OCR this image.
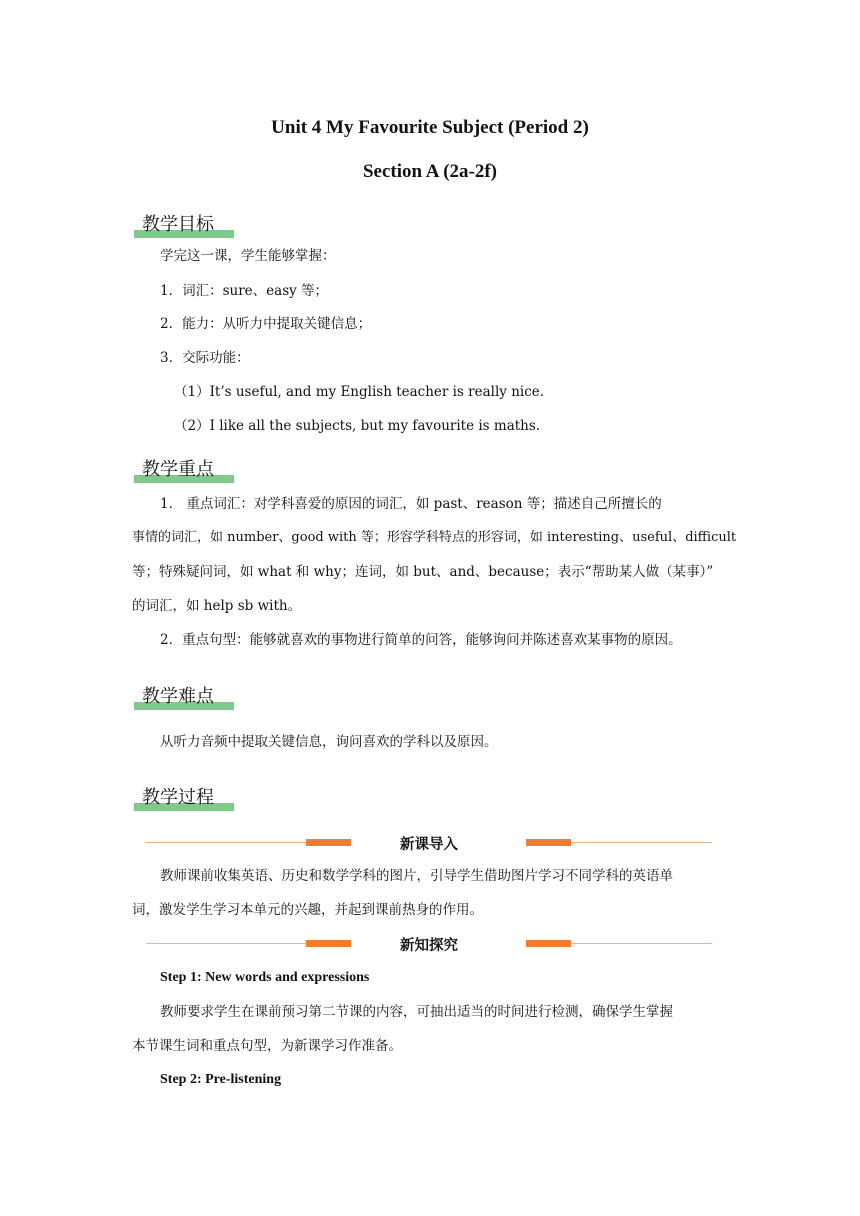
Unit 4 My Favourite Subject (Period 2)
Section A (2a-2f)
教学目标
学完这一课，学生能够掌握：
1．词汇：sure、easy 等；
2．能力：从听力中提取关键信息；
3．交际功能：
（1）It’s useful, and my English teacher is really nice.
（2）I like all the subjects, but my favourite is maths.
教学重点
1． 重点词汇：对学科喜爱的原因的词汇，如 past、reason 等；描述自己所擅长的
事情的词汇，如 number、good with 等；形容学科特点的形容词，如 interesting、useful、difficult
等；特殊疑问词，如 what 和 why；连词，如 but、and、because；表示“帮助某人做（某事）”
的词汇，如 help sb with。
2．重点句型：能够就喜欢的事物进行简单的问答，能够询问并陈述喜欢某事物的原因。
教学难点
从听力音频中提取关键信息，询问喜欢的学科以及原因。
教学过程
新课导入
教师课前收集英语、历史和数学学科的图片，引导学生借助图片学习不同学科的英语单
词，激发学生学习本单元的兴趣，并起到课前热身的作用。
新知探究
Step 1: New words and expressions
教师要求学生在课前预习第二节课的内容，可抽出适当的时间进行检测，确保学生掌握
本节课生词和重点句型，为新课学习作准备。
Step 2: Pre-listening
